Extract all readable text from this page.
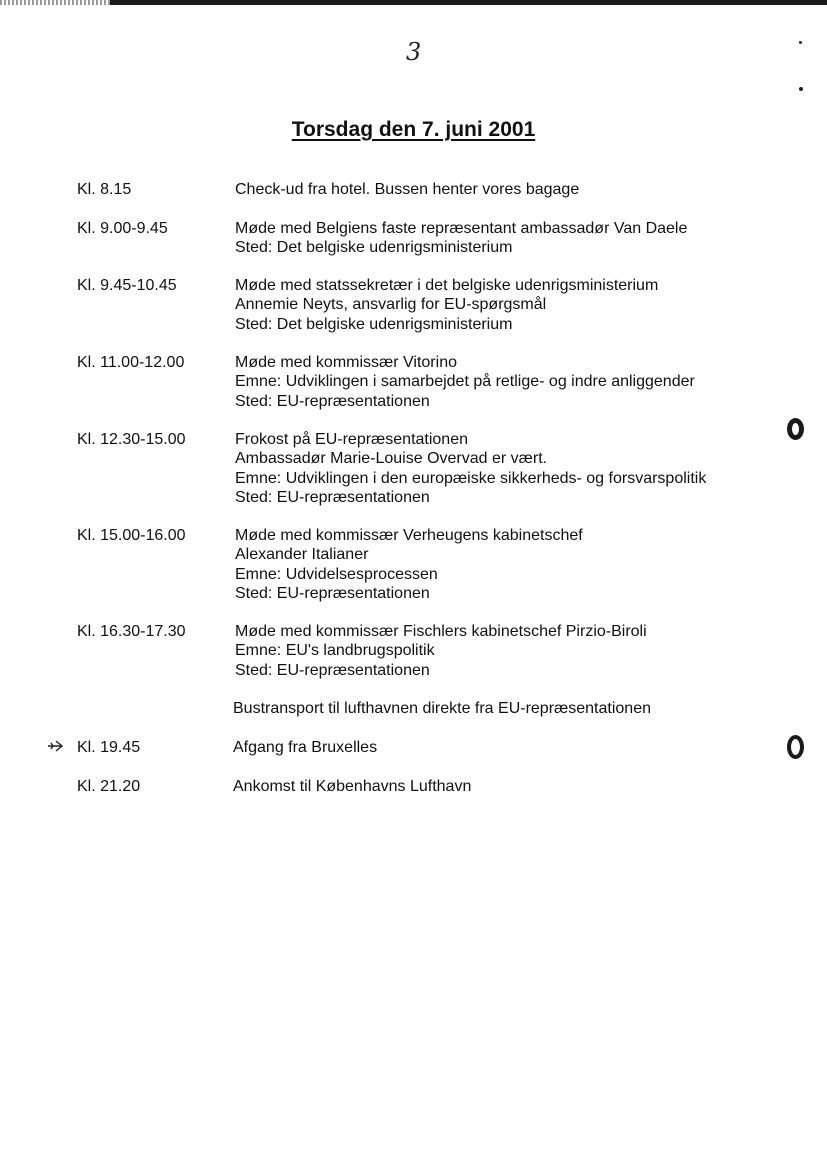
3
Torsdag den 7. juni 2001
Kl. 8.15	Check-ud fra hotel. Bussen henter vores bagage
Kl. 9.00-9.45	Møde med Belgiens faste repræsentant ambassadør Van Daele
Sted: Det belgiske udenrigsministerium
Kl. 9.45-10.45	Møde med statssekretær i det belgiske udenrigsministerium
Annemie Neyts, ansvarlig for EU-spørgsmål
Sted: Det belgiske udenrigsministerium
Kl. 11.00-12.00	Møde med kommissær Vitorino
Emne: Udviklingen i samarbejdet på retlige- og indre anliggender
Sted: EU-repræsentationen
Kl. 12.30-15.00	Frokost på EU-repræsentationen
Ambassadør Marie-Louise Overvad er vært.
Emne: Udviklingen i den europæiske sikkerheds- og forsvarspolitik
Sted: EU-repræsentationen
Kl. 15.00-16.00	Møde med kommissær Verheugens kabinetschef
Alexander Italianer
Emne: Udvidelsesprocessen
Sted: EU-repræsentationen
Kl. 16.30-17.30	Møde med kommissær Fischlers kabinetschef Pirzio-Biroli
Emne: EU's landbrugspolitik
Sted: EU-repræsentationen
Bustransport til lufthavnen direkte fra EU-repræsentationen
Kl. 19.45	Afgang fra Bruxelles
Kl. 21.20	Ankomst til Københavns Lufthavn
